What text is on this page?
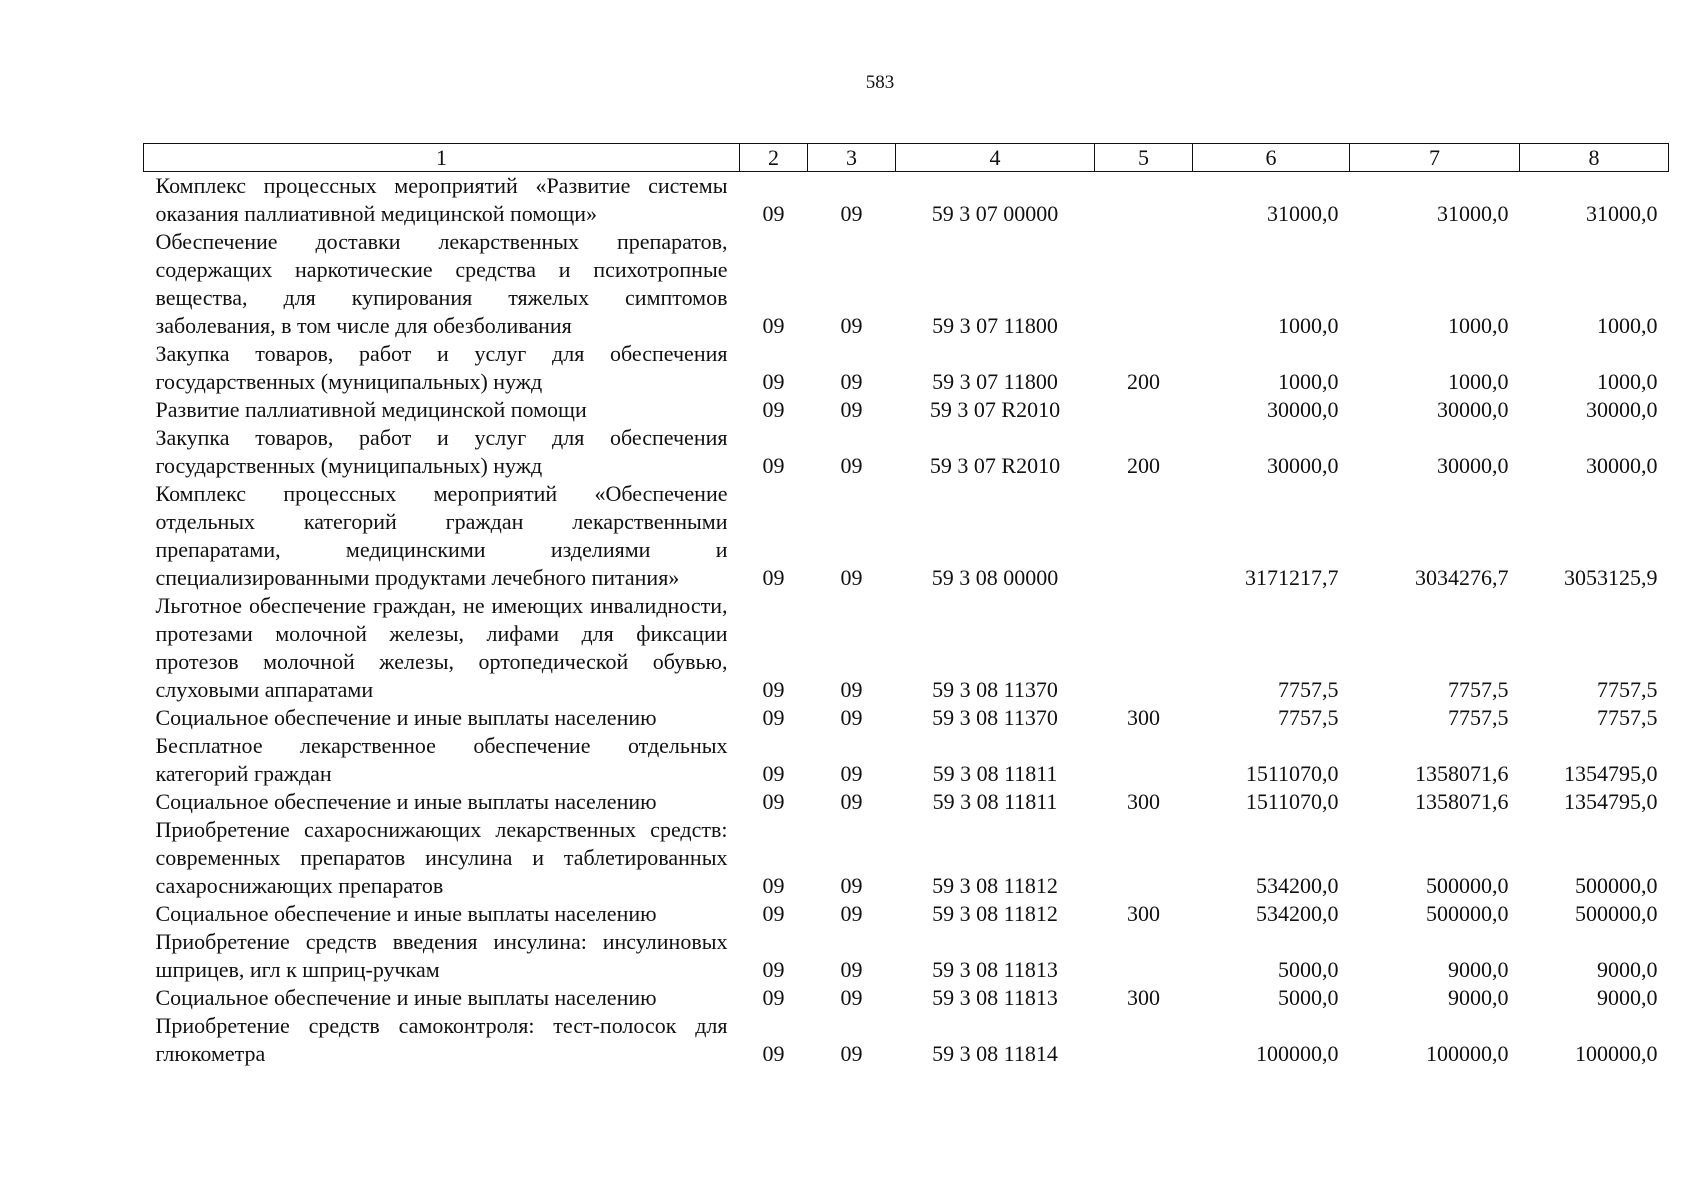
583
1	2	3	4	5	6	7	8
Комплекс процессных мероприятий «Развитие системы оказания паллиативной медицинской помощи»	09	09	59 3 07 00000		31000,0	31000,0	31000,0
Обеспечение доставки лекарственных препаратов, содержащих наркотические средства и психотропные вещества, для купирования тяжелых симптомов заболевания, в том числе для обезболивания	09	09	59 3 07 11800		1000,0	1000,0	1000,0
Закупка товаров, работ и услуг для обеспечения государственных (муниципальных) нужд	09	09	59 3 07 11800	200	1000,0	1000,0	1000,0
Развитие паллиативной медицинской помощи	09	09	59 3 07 R2010		30000,0	30000,0	30000,0
Закупка товаров, работ и услуг для обеспечения государственных (муниципальных) нужд	09	09	59 3 07 R2010	200	30000,0	30000,0	30000,0
Комплекс процессных мероприятий «Обеспечение отдельных категорий граждан лекарственными препаратами, медицинскими изделиями и специализированными продуктами лечебного питания»	09	09	59 3 08 00000		3171217,7	3034276,7	3053125,9
Льготное обеспечение граждан, не имеющих инвалидности, протезами молочной железы, лифами для фиксации протезов молочной железы, ортопедической обувью, слуховыми аппаратами	09	09	59 3 08 11370		7757,5	7757,5	7757,5
Социальное обеспечение и иные выплаты населению	09	09	59 3 08 11370	300	7757,5	7757,5	7757,5
Бесплатное лекарственное обеспечение отдельных категорий граждан	09	09	59 3 08 11811		1511070,0	1358071,6	1354795,0
Социальное обеспечение и иные выплаты населению	09	09	59 3 08 11811	300	1511070,0	1358071,6	1354795,0
Приобретение сахароснижающих лекарственных средств: современных препаратов инсулина и таблетированных сахароснижающих препаратов	09	09	59 3 08 11812		534200,0	500000,0	500000,0
Социальное обеспечение и иные выплаты населению	09	09	59 3 08 11812	300	534200,0	500000,0	500000,0
Приобретение средств введения инсулина: инсулиновых шприцев, игл к шприц-ручкам	09	09	59 3 08 11813		5000,0	9000,0	9000,0
Социальное обеспечение и иные выплаты населению	09	09	59 3 08 11813	300	5000,0	9000,0	9000,0
Приобретение средств самоконтроля: тест-полосок для глюкометра	09	09	59 3 08 11814		100000,0	100000,0	100000,0
